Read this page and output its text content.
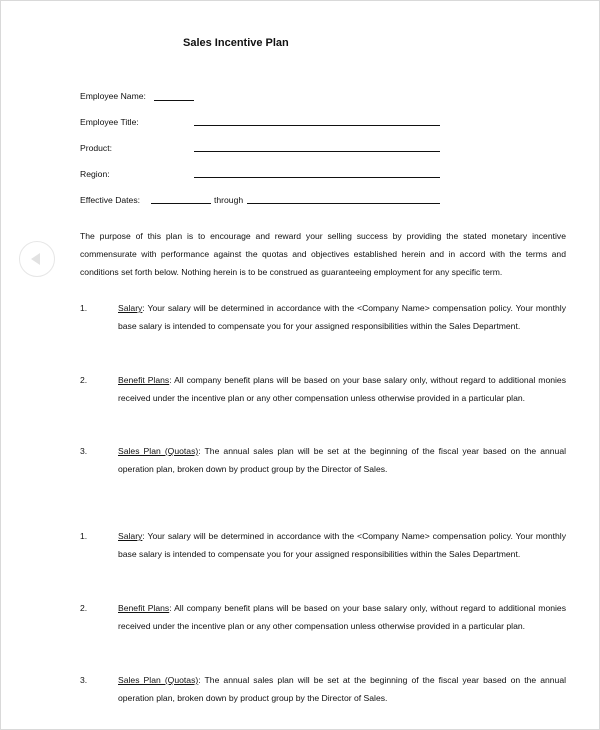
Sales Incentive Plan
Employee Name:
Employee Title:
Product:
Region:
Effective Dates:	through
The purpose of this plan is to encourage and reward your selling success by providing the stated monetary incentive commensurate with performance against the quotas and objectives established herein and in accord with the terms and conditions set forth below. Nothing herein is to be construed as guaranteeing employment for any specific term.
1.	Salary: Your salary will be determined in accordance with the <Company Name> compensation policy. Your monthly base salary is intended to compensate you for your assigned responsibilities within the Sales Department.
2.	Benefit Plans: All company benefit plans will be based on your base salary only, without regard to additional monies received under the incentive plan or any other compensation unless otherwise provided in a particular plan.
3.	Sales Plan (Quotas): The annual sales plan will be set at the beginning of the fiscal year based on the annual operation plan, broken down by product group by the Director of Sales.
1.	Salary: Your salary will be determined in accordance with the <Company Name> compensation policy. Your monthly base salary is intended to compensate you for your assigned responsibilities within the Sales Department.
2.	Benefit Plans: All company benefit plans will be based on your base salary only, without regard to additional monies received under the incentive plan or any other compensation unless otherwise provided in a particular plan.
3.	Sales Plan (Quotas): The annual sales plan will be set at the beginning of the fiscal year based on the annual operation plan, broken down by product group by the Director of Sales.
